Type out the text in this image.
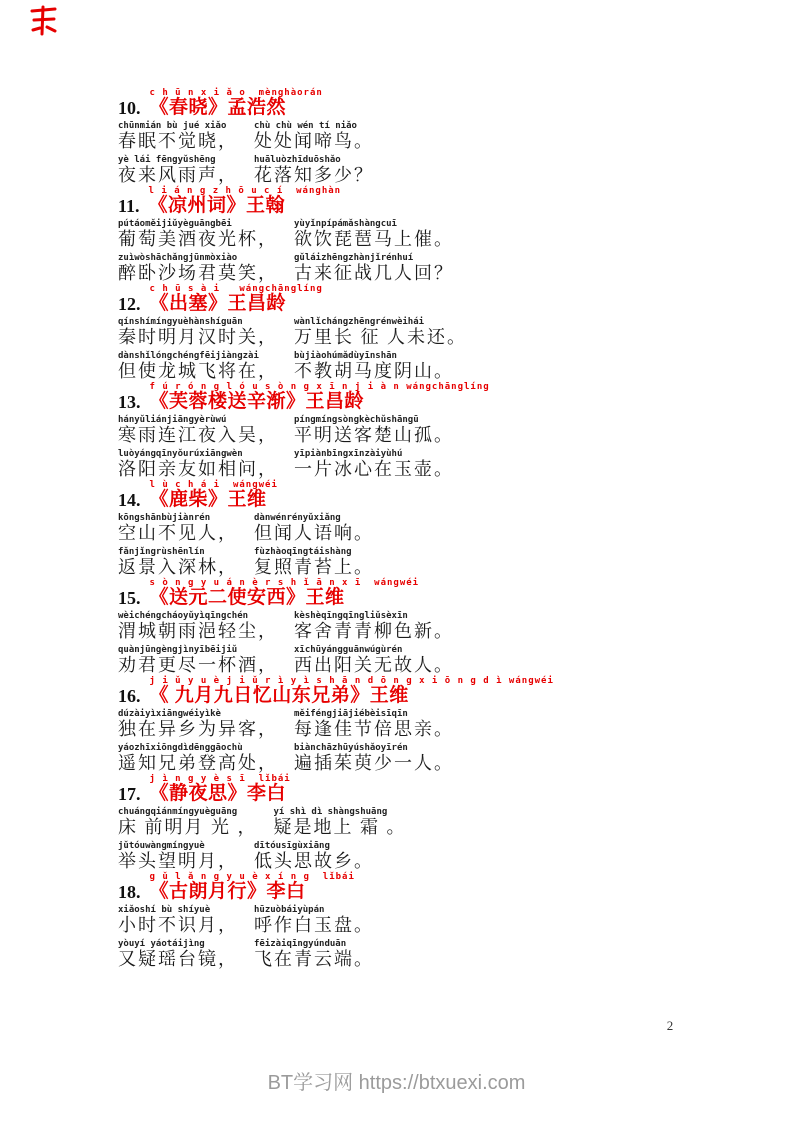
10.
c h ū n x i ǎ o  mènghàorán
《春晓》孟浩然
chūnmián bù jué xiǎo
春眠不觉晓，
chù chù wén tí niǎo
处处闻啼鸟。
yè lái fēngyǔshēng
夜来风雨声，
huāluòzhīduōshǎo
花落知多少？
11.
l i á n g z h ō u c í  wánghàn
《凉州词》王翰
pútáoměijiǔyèguāngbēi
葡萄美酒夜光杯，
yùyǐnpípámǎshàngcuī
欲饮琵琶马上催。
zuìwòshāchǎngjūnmòxiào
醉卧沙场君莫笑，
gǔláizhēngzhànjǐrénhuí
古来征战几人回？
12.
c h ū s à i   wángchānglíng
《出塞》王昌龄
qínshímíngyuèhànshíguān
秦时明月汉时关，
wànlǐchángzhēngrénwèihái
万里长 征 人未还。
dànshǐlóngchéngfēijiàngzài
但使龙城飞将在，
bùjiàohúmǎdùyīnshān
不教胡马度阴山。
13.
f ú r ó n g l ó u s ò n g x ī n j i à n wángchānglíng
《芙蓉楼送辛渐》王昌龄
hányǔliánjiāngyèrùwú
寒雨连江夜入吴，
píngmíngsòngkèchǔshāngū
平明送客楚山孤。
luòyángqīnyǒurúxiāngwèn
洛阳亲友如相问，
yīpiànbīngxīnzàiyùhú
一片冰心在玉壶。
14.
l ù c h á i  wángwéi
《鹿柴》王维
kōngshānbùjiànrén
空山不见人，
dànwénrényǔxiǎng
但闻人语响。
fǎnjǐngrùshēnlín
返景入深林，
fùzhàoqīngtáishàng
复照青苔上。
15.
s ò n g y u á n è r s h ǐ ā n x ī  wángwéi
《送元二使安西》王维
wèichéngcháoyǔyìqīngchén
渭城朝雨浥轻尘，
kèshèqīngqīngliǔsèxīn
客舍青青柳色新。
quànjūngèngjìnyībēijiǔ
劝君更尽一杯酒，
xīchūyángguānwúgùrén
西出阳关无故人。
16.
j i ǔ y u è j i ǔ r ì y ì s h ā n d ō n g x i ō n g d ì wángwéi
《 九月九日忆山东兄弟》王维
dúzàiyìxiāngwéiyìkè
独在异乡为异客，
měiféngjiājiébèisīqīn
每逢佳节倍思亲。
yáozhīxiōngdìdēnggāochù
遥知兄弟登高处，
biànchāzhūyúshǎoyīrén
遍插茱萸少一人。
17.
j ì n g y è s ī  lǐbái
《静夜思》李白
chuángqiánmíngyuèguāng
床 前明月 光 ，
yí shì dì shàngshuāng
疑是地上 霜 。
jǔtóuwàngmíngyuè
举头望明月，
dītóusīgùxiāng
低头思故乡。
18.
g ǔ l ǎ n g y u è x í n g  lǐbái
《古朗月行》李白
xiǎoshí bù shíyuè
小时不识月，
hūzuòbáiyùpán
呼作白玉盘。
yòuyí yáotáijìng
又疑瑶台镜，
fēizàiqīngyúnduān
飞在青云端。
2
BT学习网 https://btxuexi.com
